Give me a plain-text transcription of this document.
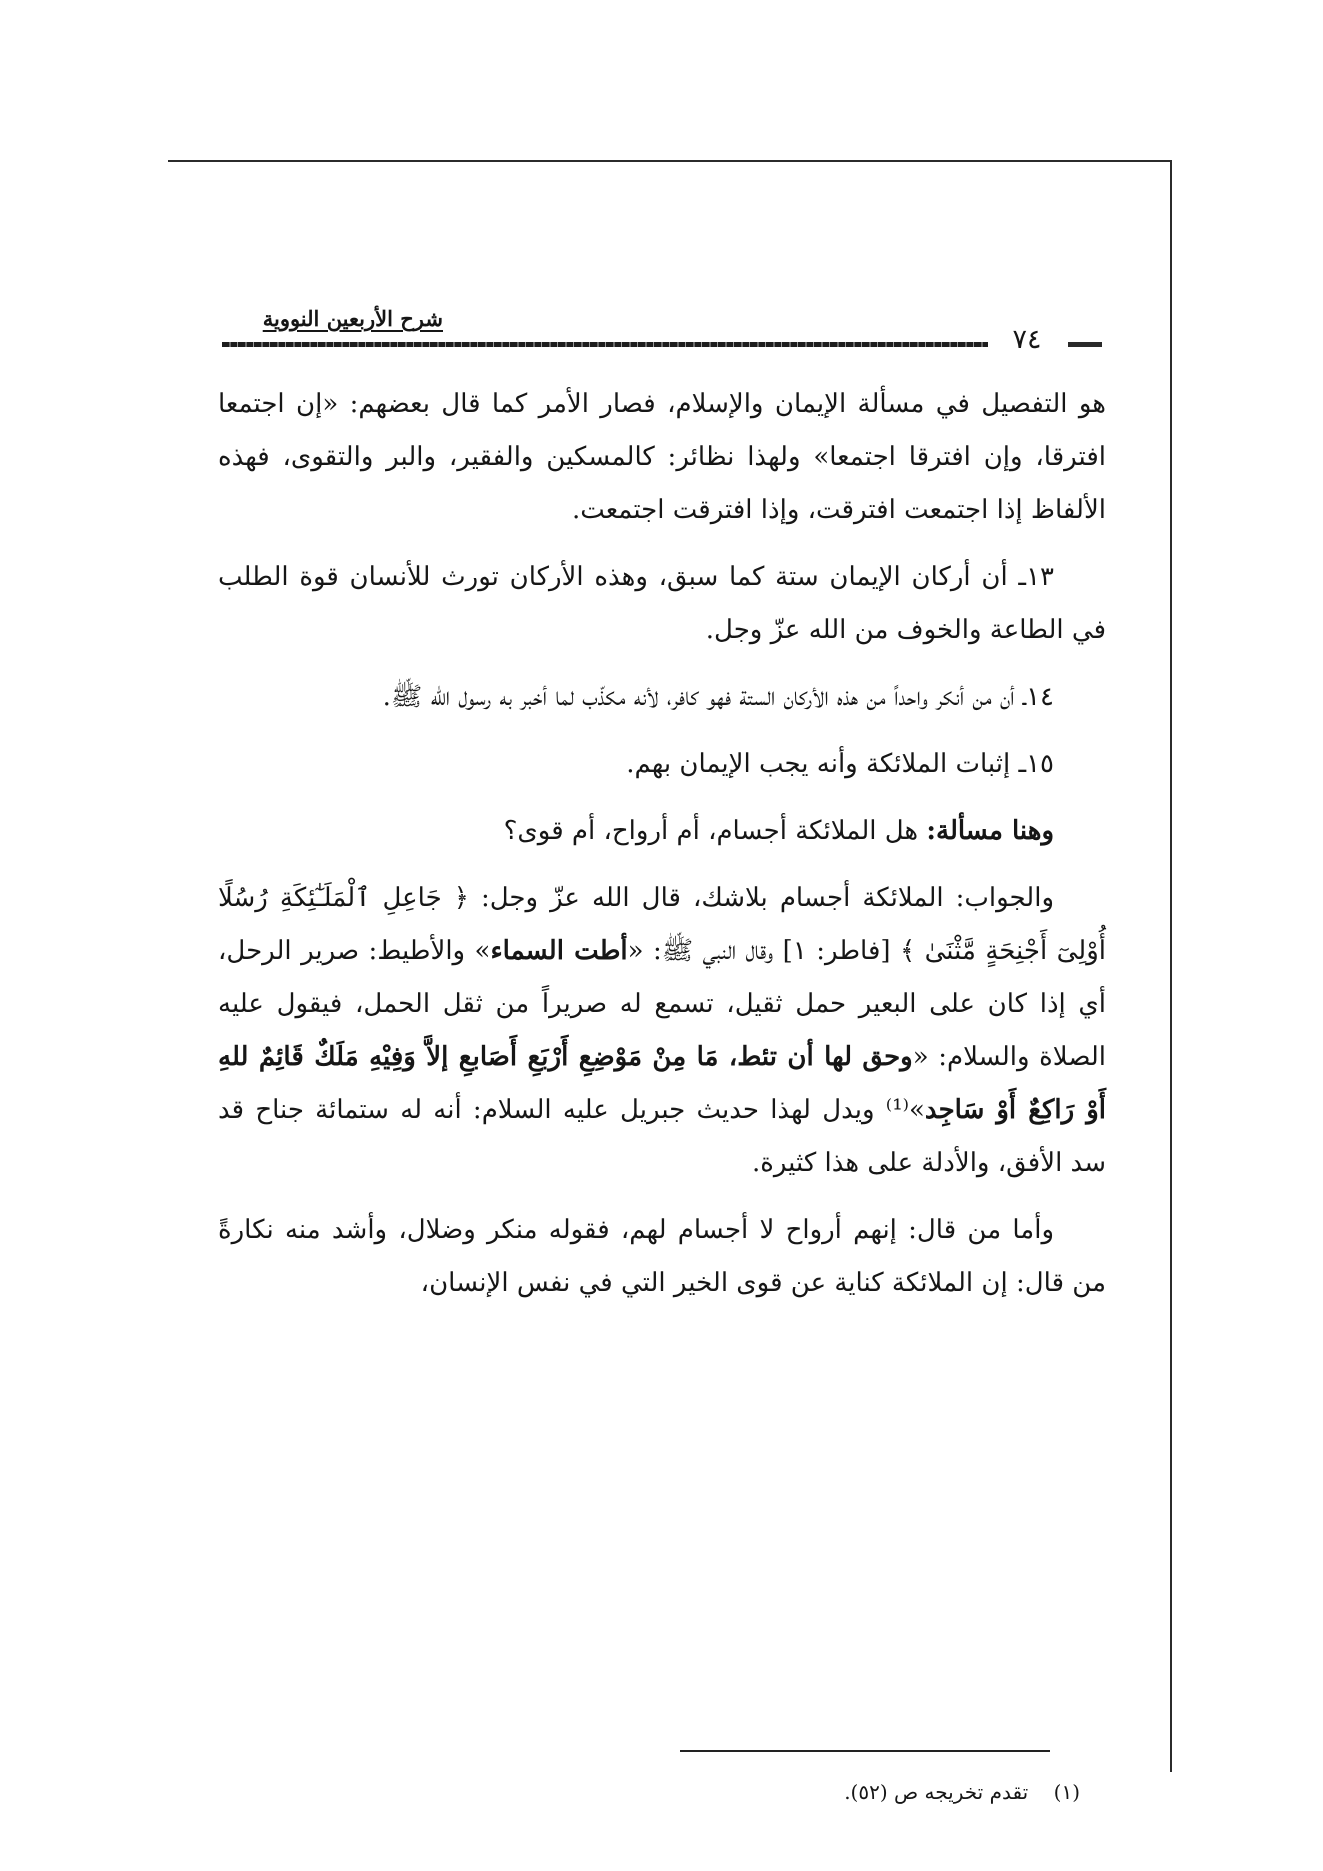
شرح الأربعين النووية
٧٤

هو التفصيل في مسألة الإيمان والإسلام، فصار الأمر كما قال بعضهم: «إن اجتمعا افترقا، وإن افترقا اجتمعا» ولهذا نظائر: كالمسكين والفقير، والبر والتقوى، فهذه الألفاظ إذا اجتمعت افترقت، وإذا افترقت اجتمعت.

١٣ـ أن أركان الإيمان ستة كما سبق، وهذه الأركان تورث للأنسان قوة الطلب في الطاعة والخوف من الله عزّ وجل.

١٤ـ أن من أنكر واحداً من هذه الأركان الستة فهو كافر، لأنه مكذّب لما أخبر به رسول الله ﷺ.

١٥ـ إثبات الملائكة وأنه يجب الإيمان بهم.

وهنا مسألة: هل الملائكة أجسام، أم أرواح، أم قوى؟

والجواب: الملائكة أجسام بلاشك، قال الله عزّ وجل: ﴿ جَاعِلِ ٱلْمَلَـٰٓئِكَةِ رُسُلًا أُوْلِىٓ أَجْنِحَةٍ مَّثْنَىٰ ﴾ [فاطر: ١] وقال النبي ﷺ: «أطت السماء» والأطيط: صرير الرحل، أي إذا كان على البعير حمل ثقيل، تسمع له صريراً من ثقل الحمل، فيقول عليه الصلاة والسلام: «وحق لها أن تئط، مَا مِنْ مَوْضِعِ أَرْبَعِ أَصَابعِ إلاَّ وَفِيْهِ مَلَكٌ قَائِمٌ للهِ أَوْ رَاكِعٌ أَوْ سَاجِد»⁽¹⁾ ويدل لهذا حديث جبريل عليه السلام: أنه له ستمائة جناح قد سد الأفق، والأدلة على هذا كثيرة.

وأما من قال: إنهم أرواح لا أجسام لهم، فقوله منكر وضلال، وأشد منه نكارةً من قال: إن الملائكة كناية عن قوى الخير التي في نفس الإنسان،

(١)    تقدم تخريجه ص (٥٢).
